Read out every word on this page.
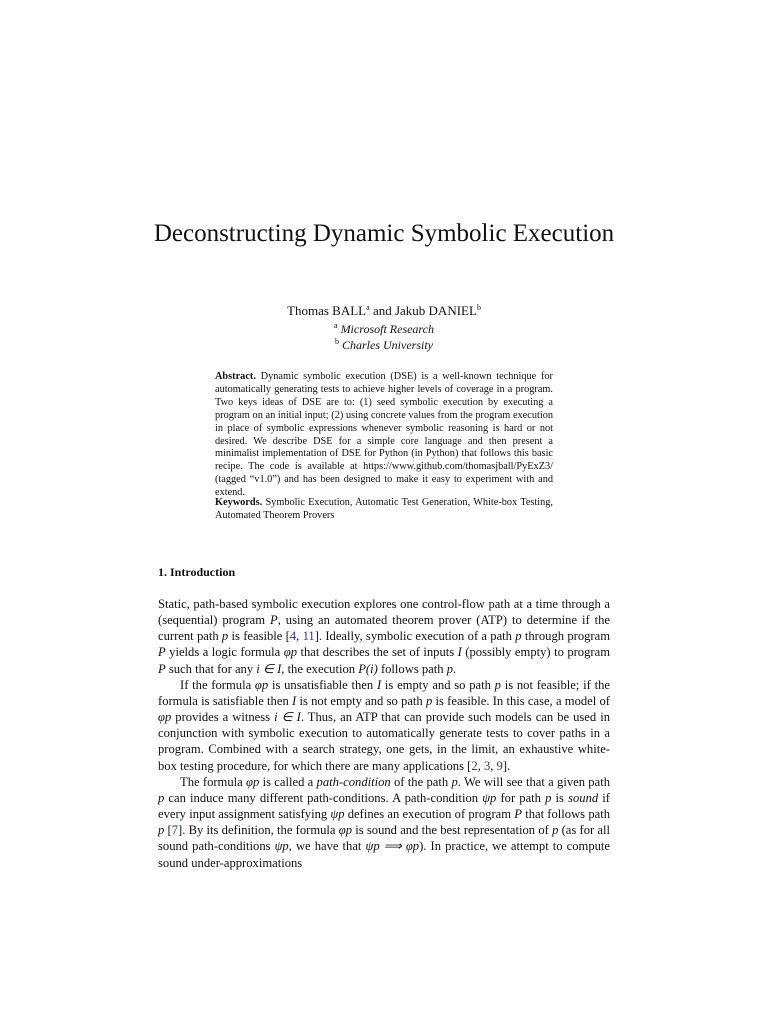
Deconstructing Dynamic Symbolic Execution
Thomas BALL$^a$ and Jakub DANIEL$^b$
$^a$ Microsoft Research
$^b$ Charles University
Abstract. Dynamic symbolic execution (DSE) is a well-known technique for automatically generating tests to achieve higher levels of coverage in a program. Two keys ideas of DSE are to: (1) seed symbolic execution by executing a program on an initial input; (2) using concrete values from the program execution in place of symbolic expressions whenever symbolic reasoning is hard or not desired. We describe DSE for a simple core language and then present a minimalist implementation of DSE for Python (in Python) that follows this basic recipe. The code is available at https://www.github.com/thomasjball/PyExZ3/ (tagged “v1.0”) and has been designed to make it easy to experiment with and extend.
Keywords. Symbolic Execution, Automatic Test Generation, White-box Testing, Automated Theorem Provers
1. Introduction

Static, path-based symbolic execution explores one control-flow path at a time through a (sequential) program P, using an automated theorem prover (ATP) to determine if the current path p is feasible [4, 11]. Ideally, symbolic execution of a path p through program P yields a logic formula φp that describes the set of inputs I (possibly empty) to program P such that for any i ∈ I, the execution P(i) follows path p.

If the formula φp is unsatisfiable then I is empty and so path p is not feasible; if the formula is satisfiable then I is not empty and so path p is feasible. In this case, a model of φp provides a witness i ∈ I. Thus, an ATP that can provide such models can be used in conjunction with symbolic execution to automatically generate tests to cover paths in a program. Combined with a search strategy, one gets, in the limit, an exhaustive white-box testing procedure, for which there are many applications [2, 3, 9].

The formula φp is called a path-condition of the path p. We will see that a given path p can induce many different path-conditions. A path-condition ψp for path p is sound if every input assignment satisfying ψp defines an execution of program P that follows path p [7]. By its definition, the formula φp is sound and the best representation of p (as for all sound path-conditions ψp, we have that ψp ⟹ φp). In practice, we attempt to compute sound under-approximations
